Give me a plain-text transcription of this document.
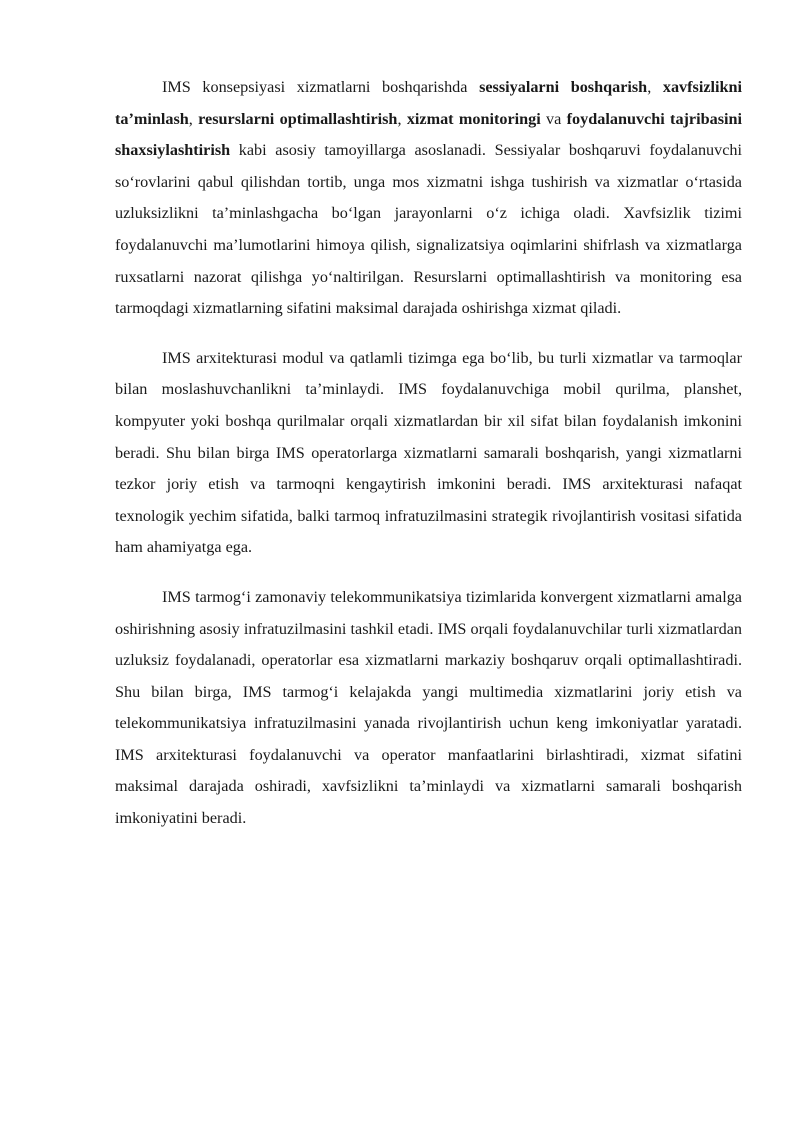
IMS konsepsiyasi xizmatlarni boshqarishda sessiyalarni boshqarish, xavfsizlikni ta’minlash, resurslarni optimallashtirish, xizmat monitoringi va foydalanuvchi tajribasini shaxsiylashtirish kabi asosiy tamoyillarga asoslanadi. Sessiyalar boshqaruvi foydalanuvchi so‘rovlarini qabul qilishdan tortib, unga mos xizmatni ishga tushirish va xizmatlar o‘rtasida uzluksizlikni ta’minlashgacha bo‘lgan jarayonlarni o‘z ichiga oladi. Xavfsizlik tizimi foydalanuvchi ma’lumotlarini himoya qilish, signalizatsiya oqimlarini shifrlash va xizmatlarga ruxsatlarni nazorat qilishga yo‘naltirilgan. Resurslarni optimallashtirish va monitoring esa tarmoqdagi xizmatlarning sifatini maksimal darajada oshirishga xizmat qiladi.

IMS arxitekturasi modul va qatlamli tizimga ega bo‘lib, bu turli xizmatlar va tarmoqlar bilan moslashuvchanlikni ta’minlaydi. IMS foydalanuvchiga mobil qurilma, planshet, kompyuter yoki boshqa qurilmalar orqali xizmatlardan bir xil sifat bilan foydalanish imkonini beradi. Shu bilan birga IMS operatorlarga xizmatlarni samarali boshqarish, yangi xizmatlarni tezkor joriy etish va tarmoqni kengaytirish imkonini beradi. IMS arxitekturasi nafaqat texnologik yechim sifatida, balki tarmoq infratuzilmasini strategik rivojlantirish vositasi sifatida ham ahamiyatga ega.

IMS tarmog‘i zamonaviy telekommunikatsiya tizimlarida konvergent xizmatlarni amalga oshirishning asosiy infratuzilmasini tashkil etadi. IMS orqali foydalanuvchilar turli xizmatlardan uzluksiz foydalanadi, operatorlar esa xizmatlarni markaziy boshqaruv orqali optimallashtiradi. Shu bilan birga, IMS tarmog‘i kelajakda yangi multimedia xizmatlarini joriy etish va telekommunikatsiya infratuzilmasini yanada rivojlantirish uchun keng imkoniyatlar yaratadi. IMS arxitekturasi foydalanuvchi va operator manfaatlarini birlashtiradi, xizmat sifatini maksimal darajada oshiradi, xavfsizlikni ta’minlaydi va xizmatlarni samarali boshqarish imkoniyatini beradi.
